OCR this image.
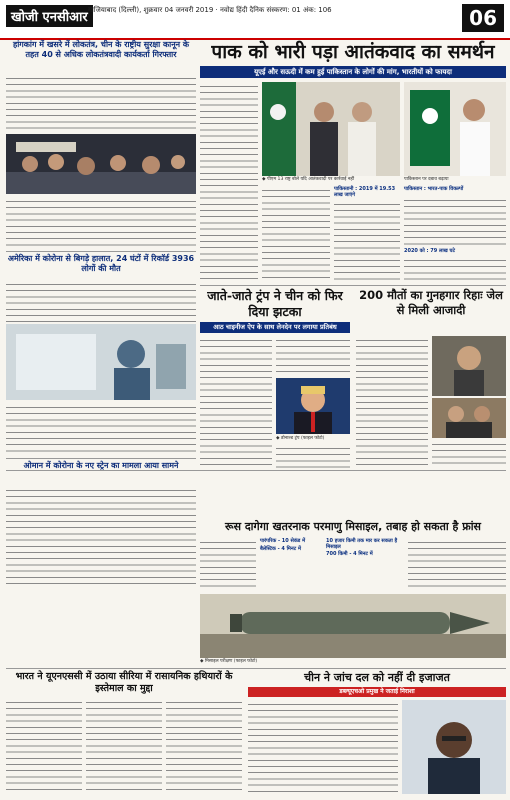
खोजी एनसीआर गाजियाबाद (दिल्ली), शुक्रवार 04 जनवरी 2019 · नवोद्य हिंदी दैनिक संस्करण: 01 अंक: 106	06
हांगकांग में खसरे में लोकतंत्र, चीन के राष्ट्रीय सुरक्षा कानून के तहत 40 से अधिक लोकतंत्रवादी कार्यकर्ता गिरफ्तार
अमेरिका में कोरोना से बिगड़े हालात, 24 घंटों में रिकॉर्ड 3936 लोगों की मौत
ओमान में कोरोना के नए स्ट्रेन का मामला आया सामने
पाक को भारी पड़ा आतंकवाद का समर्थन
यूएई और सऊदी में कम हुई पाकिस्तान के लोगों की मांग, भारतीयों को फायदा
◆ पीएम 13 राष्ट्र बोले यदि आतंकवादी पर कार्रवाई नहीं	पाकिस्तान पर दबाव बढ़ाया
पाकिस्तानी : 2019 में 19.53 लाख जाएंगे
पाकिस्तान : भारत-पाक विकल्पों
2020 को : 79 लाख घटे
जाते-जाते ट्रंप ने चीन को फिर दिया झटका
आठ चाइनीज ऐप के साथ लेनदेन पर लगाया प्रतिबंध
◆ डोनाल्ड ट्रंप (फाइल फोटो)
200 मौतों का गुनहगार रिहाः जेल से मिली आजादी
रूस दागेगा खतरनाक परमाणु मिसाइल, तबाह हो सकता है फ्रांस
पारंपरिक - 10 सेकंड में
बैलेस्टिक - 4 मिनट में
10 हजार किमी तक मार कर सकता है मिसाइल
700 किमी - 4 मिनट में
◆ मिसाइल परीक्षण (फाइल फोटो)
भारत ने यूएनएससी में उठाया सीरिया में रासायनिक हथियारों के इस्तेमाल का मुद्दा
चीन ने जांच दल को नहीं दी इजाजत
डब्ल्यूएचओ प्रमुख ने जताई निराशा
